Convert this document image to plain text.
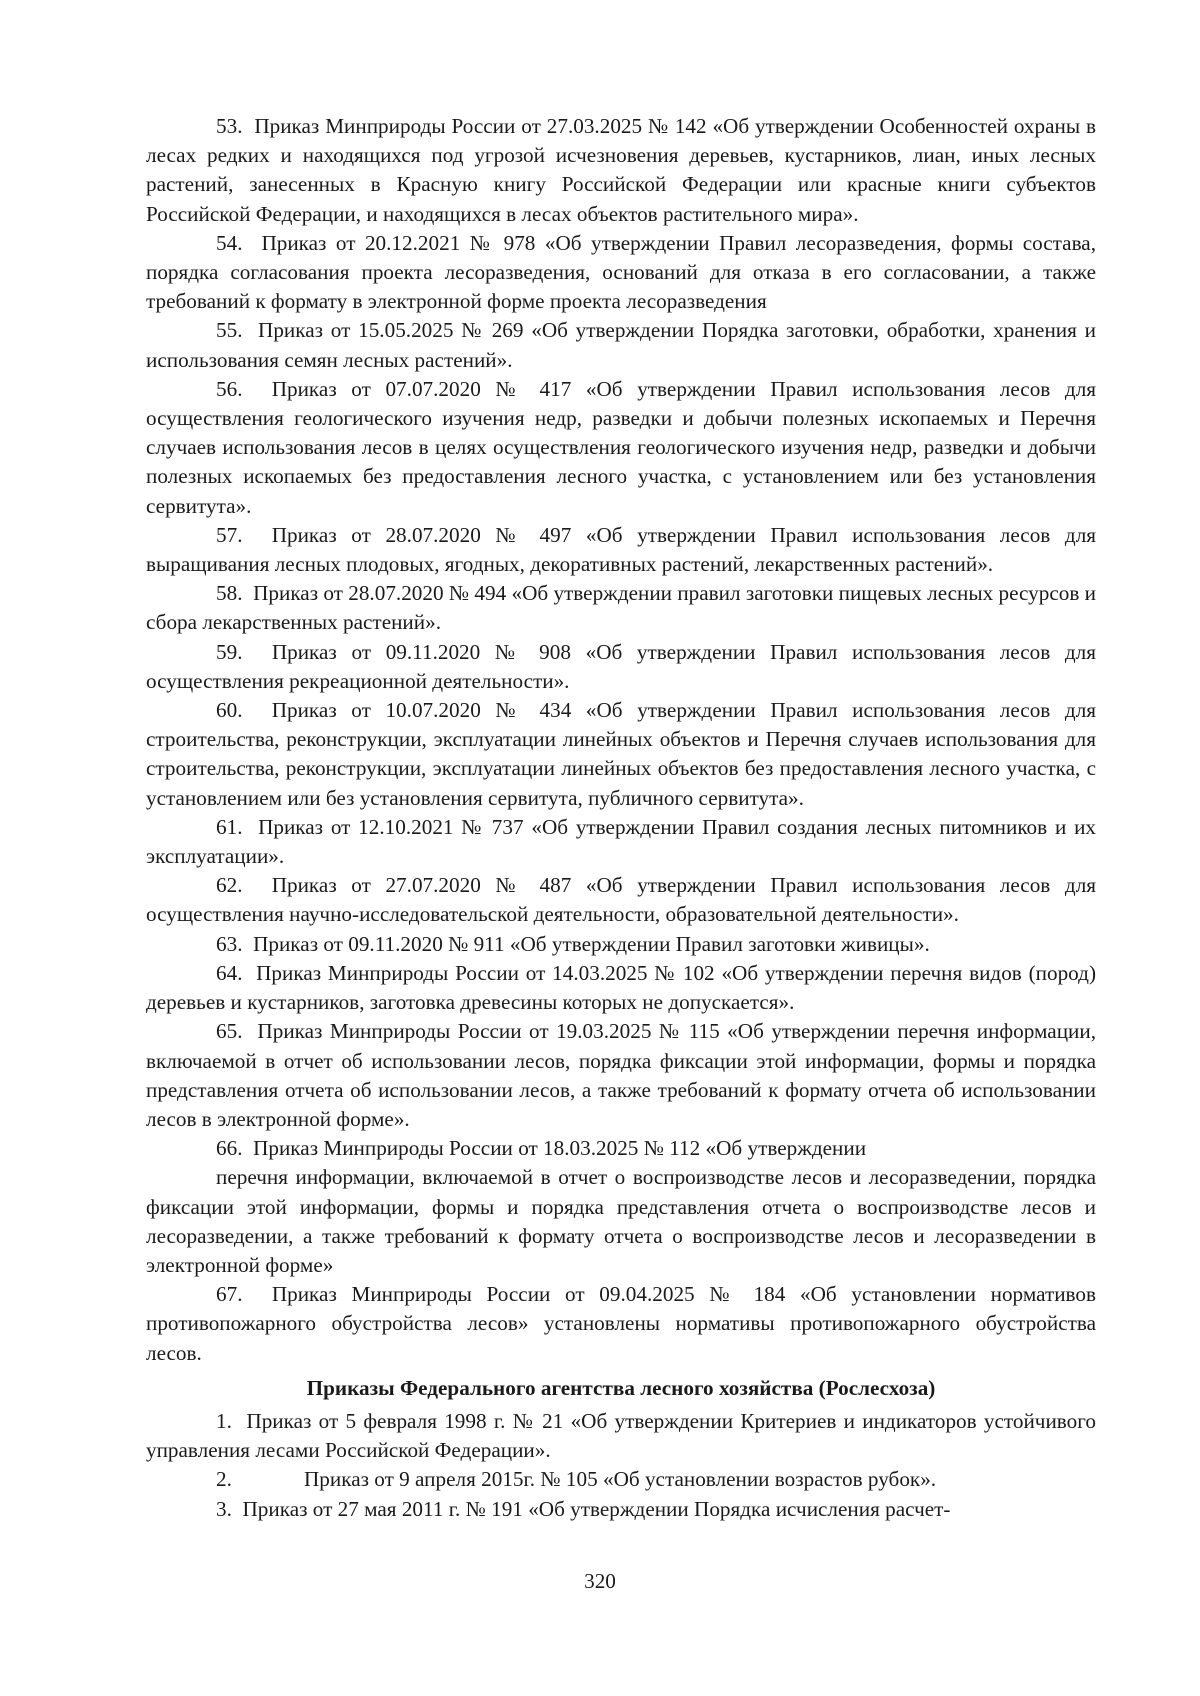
53. Приказ Минприроды России от 27.03.2025 № 142 «Об утверждении Особенностей охраны в лесах редких и находящихся под угрозой исчезновения деревьев, кустарников, лиан, иных лесных растений, занесенных в Красную книгу Российской Федерации или красные книги субъектов Российской Федерации, и находящихся в лесах объектов растительного мира».

54. Приказ от 20.12.2021 № 978 «Об утверждении Правил лесоразведения, формы состава, порядка согласования проекта лесоразведения, оснований для отказа в его согласовании, а также требований к формату в электронной форме проекта лесоразведения

55. Приказ от 15.05.2025 № 269 «Об утверждении Порядка заготовки, обработки, хранения и использования семян лесных растений».

56. Приказ от 07.07.2020 № 417 «Об утверждении Правил использования лесов для осуществления геологического изучения недр, разведки и добычи полезных ископаемых и Перечня случаев использования лесов в целях осуществления геологического изучения недр, разведки и добычи полезных ископаемых без предоставления лесного участка, с установлением или без установления сервитута».

57. Приказ от 28.07.2020 № 497 «Об утверждении Правил использования лесов для выращивания лесных плодовых, ягодных, декоративных растений, лекарственных растений».

58. Приказ от 28.07.2020 № 494 «Об утверждении правил заготовки пищевых лесных ресурсов и сбора лекарственных растений».

59. Приказ от 09.11.2020 № 908 «Об утверждении Правил использования лесов для осуществления рекреационной деятельности».

60. Приказ от 10.07.2020 № 434 «Об утверждении Правил использования лесов для строительства, реконструкции, эксплуатации линейных объектов и Перечня случаев использования для строительства, реконструкции, эксплуатации линейных объектов без предоставления лесного участка, с установлением или без установления сервитута, публичного сервитута».

61. Приказ от 12.10.2021 № 737 «Об утверждении Правил создания лесных питомников и их эксплуатации».

62. Приказ от 27.07.2020 № 487 «Об утверждении Правил использования лесов для осуществления научно-исследовательской деятельности, образовательной деятельности».

63. Приказ от 09.11.2020 № 911 «Об утверждении Правил заготовки живицы».

64. Приказ Минприроды России от 14.03.2025 № 102 «Об утверждении перечня видов (пород) деревьев и кустарников, заготовка древесины которых не допускается».

65. Приказ Минприроды России от 19.03.2025 № 115 «Об утверждении перечня информации, включаемой в отчет об использовании лесов, порядка фиксации этой информации, формы и порядка представления отчета об использовании лесов, а также требований к формату отчета об использовании лесов в электронной форме».

66. Приказ Минприроды России от 18.03.2025 № 112 «Об утверждении

перечня информации, включаемой в отчет о воспроизводстве лесов и лесоразведении, порядка фиксации этой информации, формы и порядка представления отчета о воспроизводстве лесов и лесоразведении, а также требований к формату отчета о воспроизводстве лесов и лесоразведении в электронной форме»

67. Приказ Минприроды России от 09.04.2025 № 184 «Об установлении нормативов противопожарного обустройства лесов» установлены нормативы противопожарного обустройства лесов.

Приказы Федерального агентства лесного хозяйства (Рослесхоза)

1. Приказ от 5 февраля 1998 г. № 21 «Об утверждении Критериев и индикаторов устойчивого управления лесами Российской Федерации».

2.	Приказ от 9 апреля 2015г. № 105 «Об установлении возрастов рубок».

3. Приказ от 27 мая 2011 г. № 191 «Об утверждении Порядка исчисления расчет-

320
